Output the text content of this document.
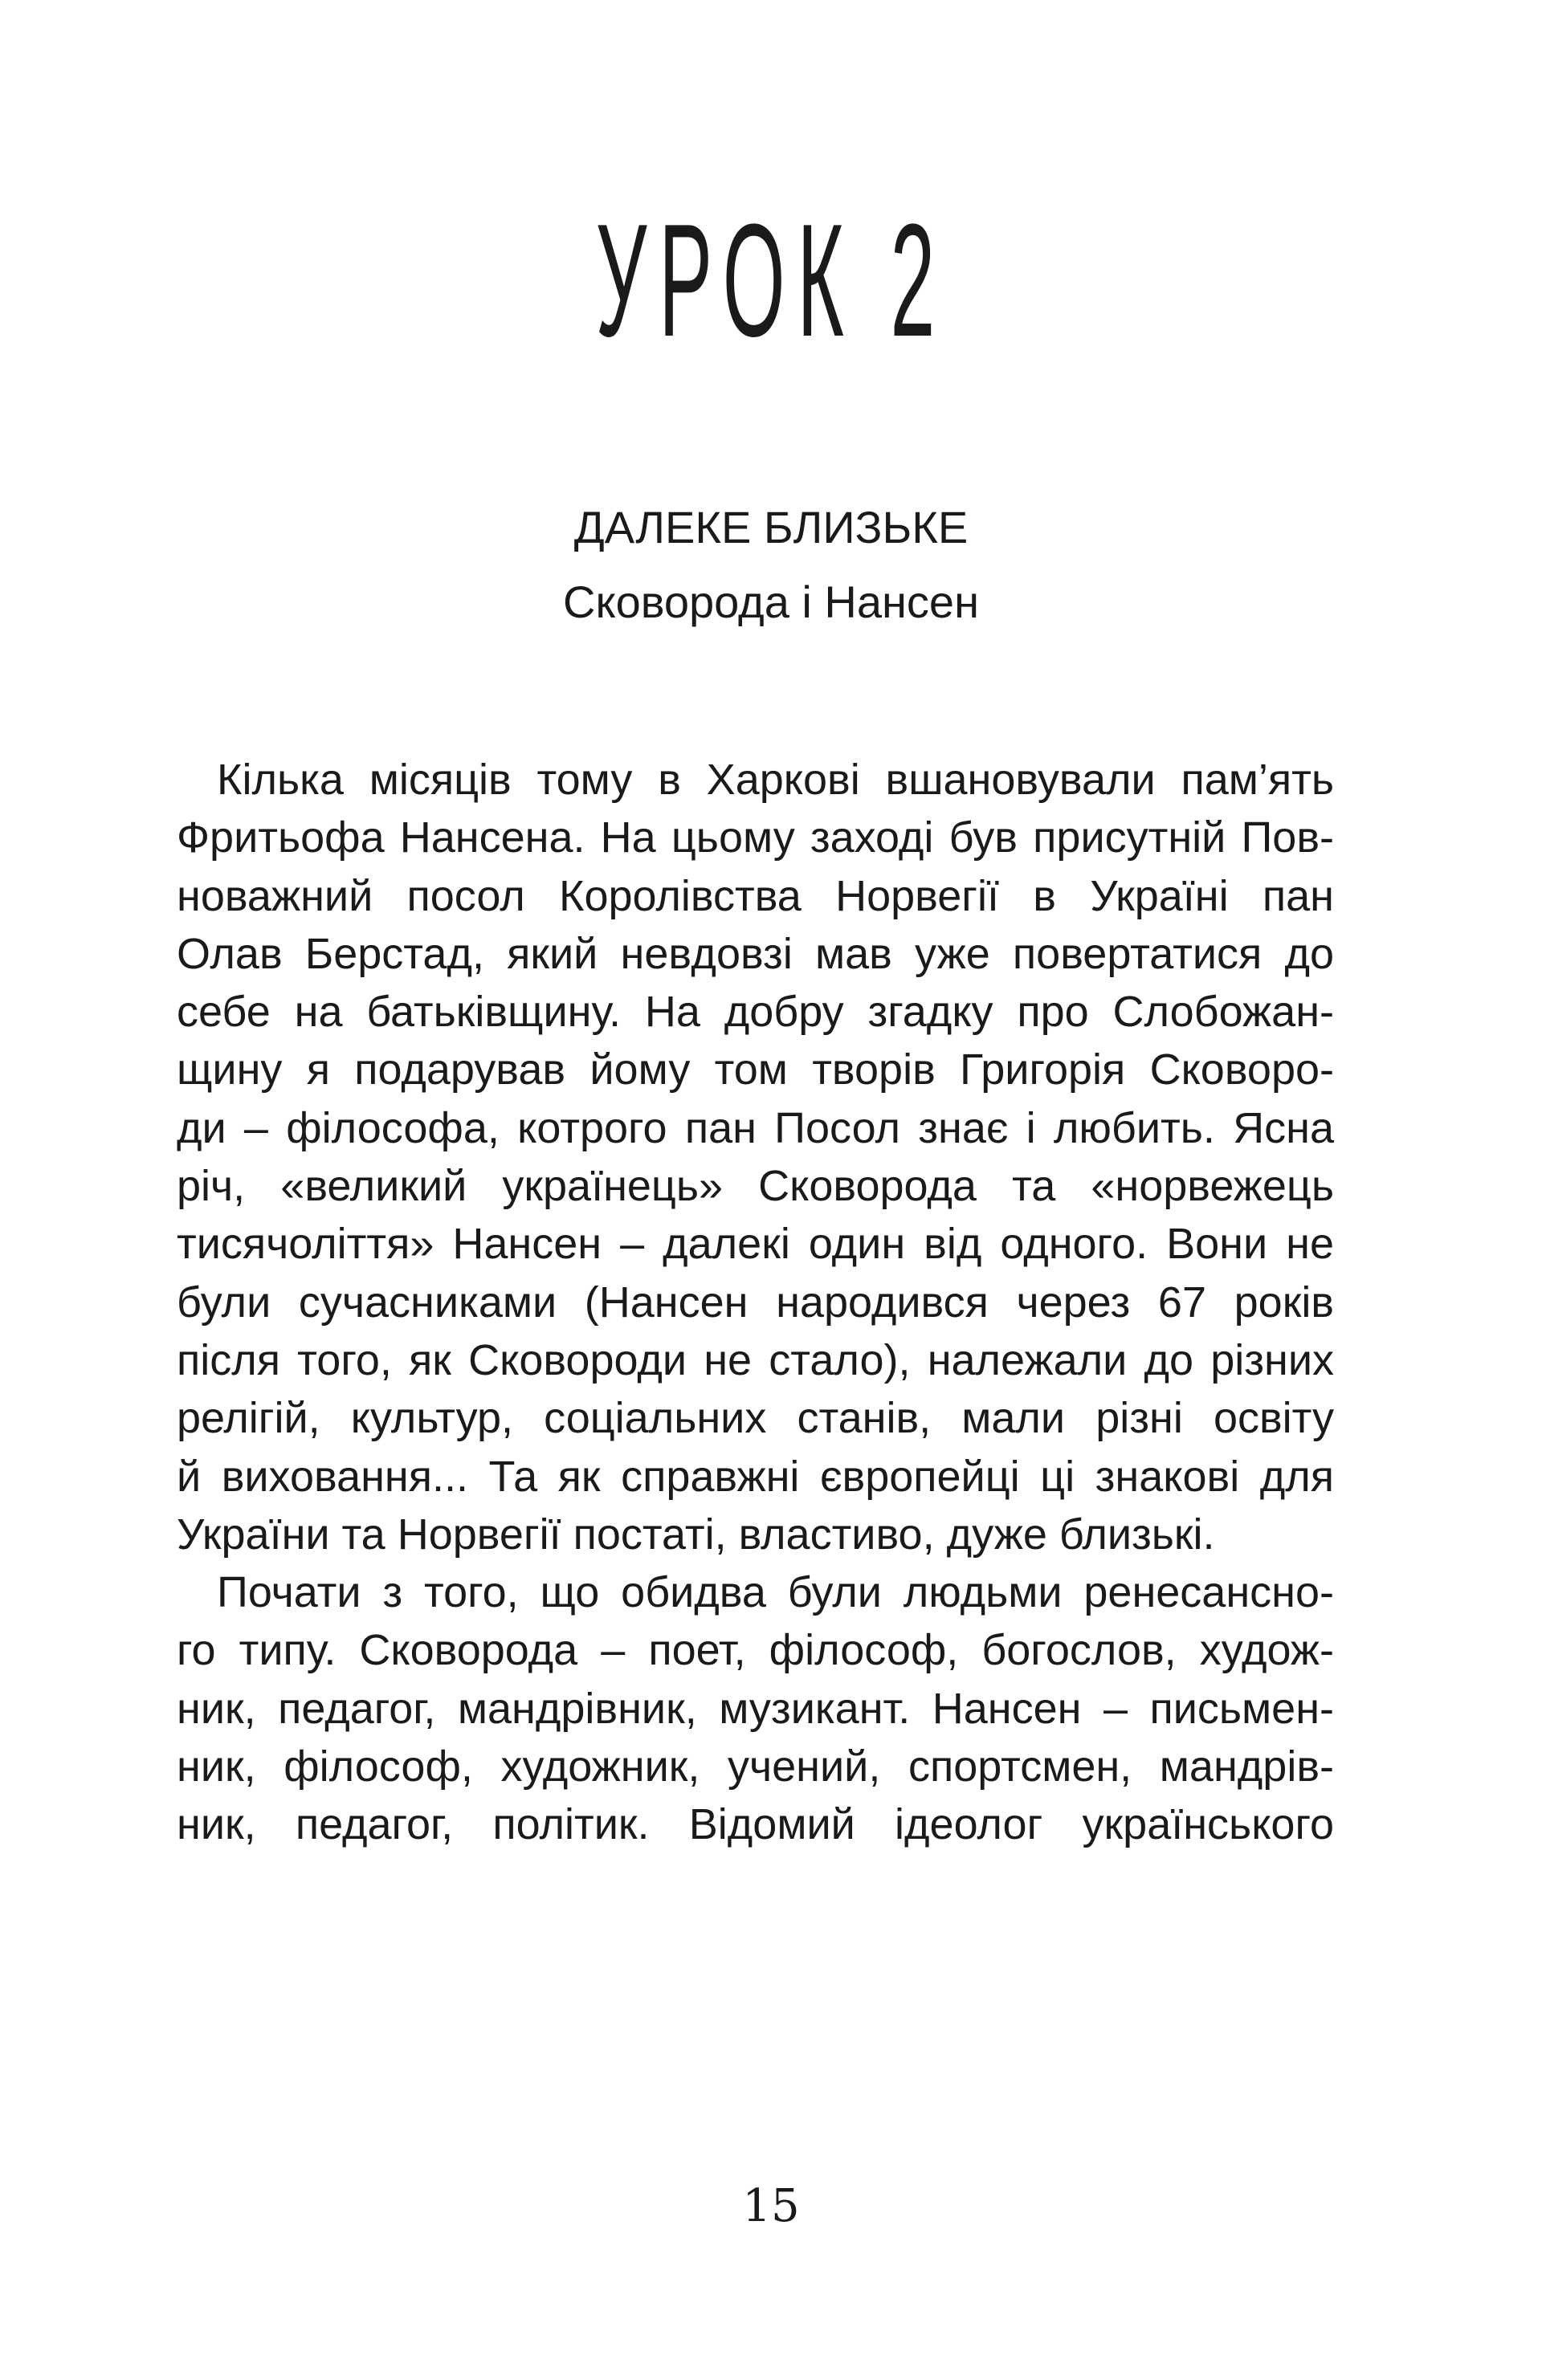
УРОК 2
ДАЛЕКЕ БЛИЗЬКЕ
Сковорода і Нансен
Кілька місяців тому в Харкові вшановували пам’ять
Фритьофа Нансена. На цьому заході був присутній Пов-
новажний посол Королівства Норвегії в Україні пан
Олав Берстад, який невдовзі мав уже повертатися до
себе на батьківщину. На добру згадку про Слобожан-
щину я подарував йому том творів Григорія Сковоро-
ди – філософа, котрого пан Посол знає і любить. Ясна
річ, «великий українець» Сковорода та «норвежець
тисячоліття» Нансен – далекі один від одного. Вони не
були сучасниками (Нансен народився через 67 років
після того, як Сковороди не стало), належали до різних
релігій, культур, соціальних станів, мали різні освіту
й виховання... Та як справжні європейці ці знакові для
України та Норвегії постаті, властиво, дуже близькі.
Почати з того, що обидва були людьми ренесансно-
го типу. Сковорода – поет, філософ, богослов, худож-
ник, педагог, мандрівник, музикант. Нансен – письмен-
ник, філософ, художник, учений, спортсмен, мандрів-
ник, педагог, політик. Відомий ідеолог українського
15
